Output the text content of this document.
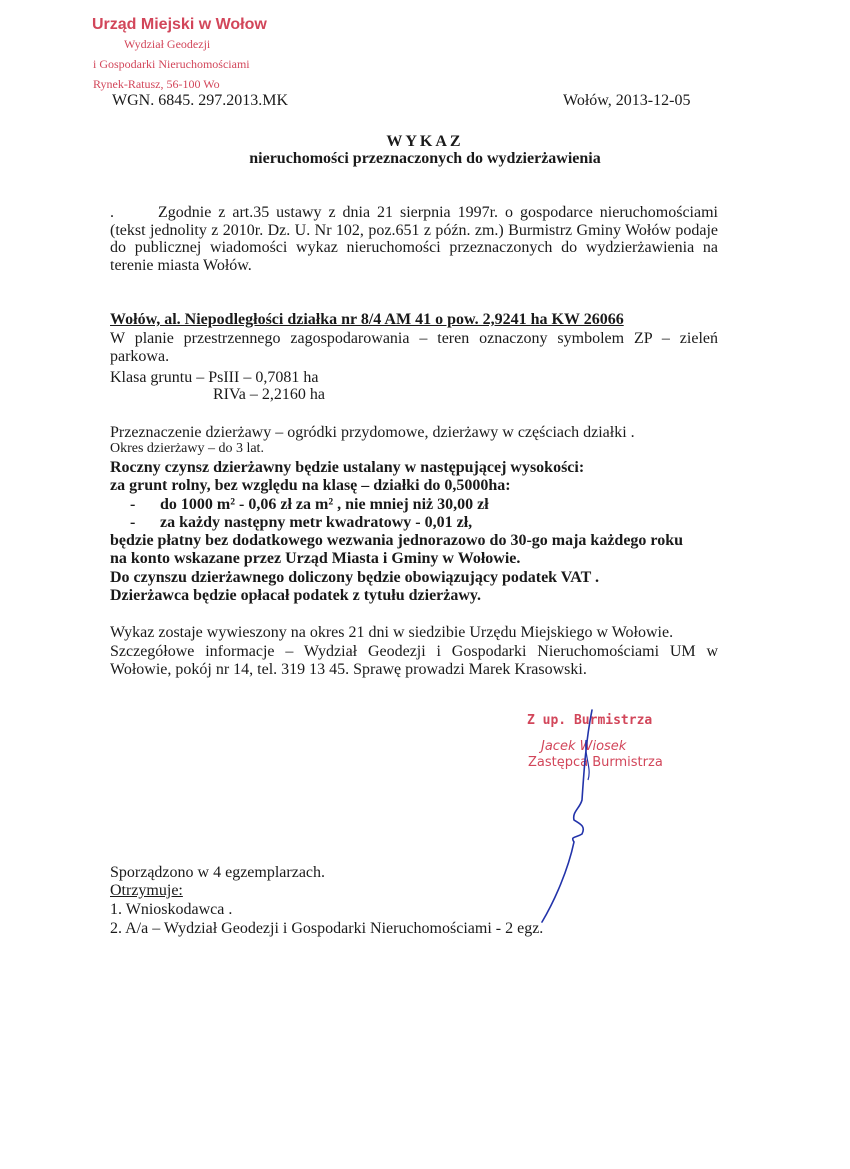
Urząd Miejski w Wołow
Wydział Geodezji
i Gospodarki Nieruchomościami
Rynek-Ratusz, 56-100 Wo
WGN. 6845. 297.2013.MK	Wołów, 2013-12-05
WYKAZ
nieruchomości przeznaczonych do wydzierżawienia
.	Zgodnie z art.35 ustawy z dnia 21 sierpnia 1997r. o gospodarce nieruchomościami (tekst jednolity z 2010r. Dz. U. Nr 102, poz.651 z późn. zm.) Burmistrz Gminy Wołów podaje do publicznej wiadomości wykaz nieruchomości przeznaczonych do wydzierżawienia na terenie miasta Wołów.
Wołów, al. Niepodległości działka nr 8/4 AM 41 o pow. 2,9241 ha KW 26066
W planie przestrzennego zagospodarowania – teren oznaczony symbolem ZP – zieleń parkowa.
Klasa gruntu – PsIII – 0,7081 ha
RIVa – 2,2160 ha
Przeznaczenie dzierżawy – ogródki przydomowe, dzierżawy w częściach działki .
Okres dzierżawy – do 3 lat.
Roczny czynsz dzierżawny będzie ustalany w następującej wysokości:
za grunt rolny, bez względu na klasę – działki do 0,5000ha:
- do 1000 m² - 0,06 zł za m² , nie mniej niż 30,00 zł
- za każdy następny metr kwadratowy - 0,01 zł,
będzie płatny bez dodatkowego wezwania jednorazowo do 30-go maja każdego roku
na konto wskazane przez Urząd Miasta i Gminy w Wołowie.
Do czynszu dzierżawnego doliczony będzie obowiązujący podatek VAT .
Dzierżawca będzie opłacał podatek z tytułu dzierżawy.
Wykaz zostaje wywieszony na okres 21 dni w siedzibie Urzędu Miejskiego w Wołowie.
Szczegółowe informacje – Wydział Geodezji i Gospodarki Nieruchomościami UM w Wołowie, pokój nr 14, tel. 319 13 45. Sprawę prowadzi Marek Krasowski.
Z up. Burmistrza
Jacek Wiosek
Zastępca Burmistrza
Sporządzono w 4 egzemplarzach.
Otrzymuje:
1. Wnioskodawca .
2. A/a – Wydział Geodezji i Gospodarki Nieruchomościami - 2 egz.
